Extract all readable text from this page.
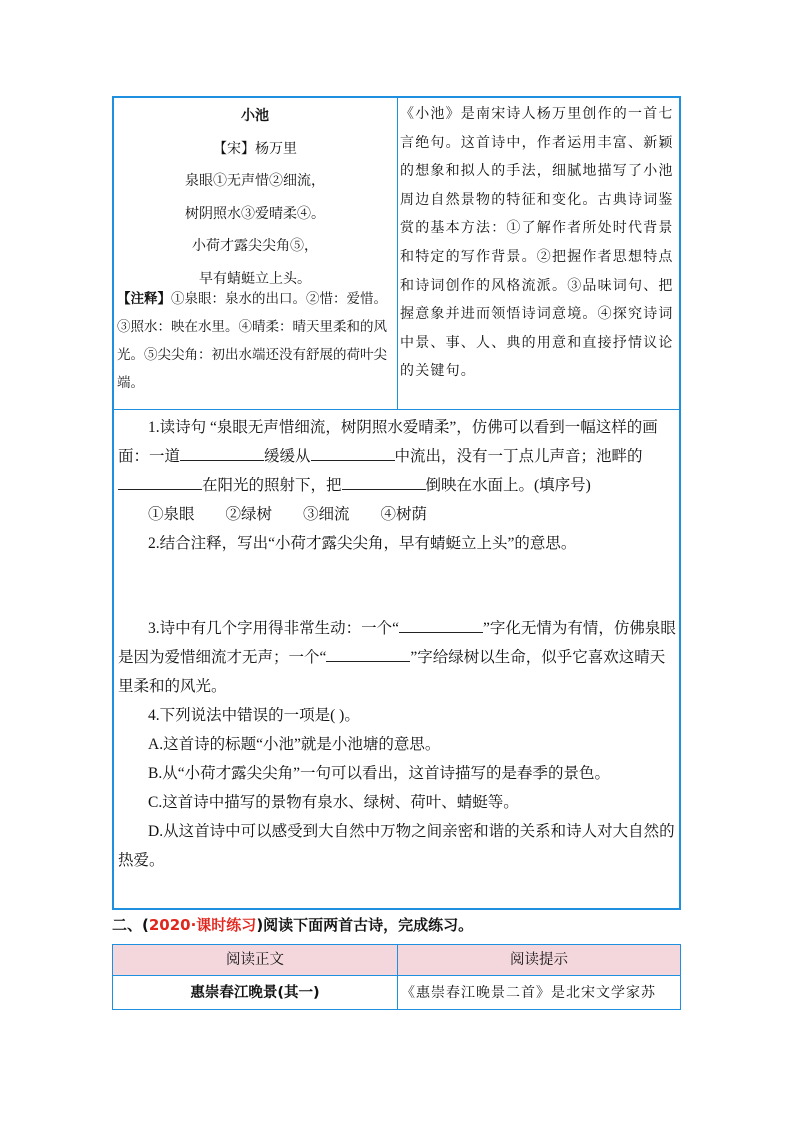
小池
【宋】杨万里
泉眼①无声惜②细流，
树阴照水③爱晴柔④。
小荷才露尖尖角⑤，
早有蜻蜓立上头。
【注释】①泉眼：泉水的出口。②惜：爱惜。③照水：映在水里。④晴柔：晴天里柔和的风光。⑤尖尖角：初出水端还没有舒展的荷叶尖端。
《小池》是南宋诗人杨万里创作的一首七言绝句。这首诗中，作者运用丰富、新颖的想象和拟人的手法，细腻地描写了小池周边自然景物的特征和变化。古典诗词鉴赏的基本方法：①了解作者所处时代背景和特定的写作背景。②把握作者思想特点和诗词创作的风格流派。③品味词句、把握意象并进而领悟诗词意境。④探究诗词中景、事、人、典的用意和直接抒情议论的关键句。

1.读诗句 “泉眼无声惜细流，树阴照水爱晴柔”，仿佛可以看到一幅这样的画面：一道	缓缓从	中流出，没有一丁点儿声音；池畔的在阳光的照射下，把	倒映在水面上。(填序号)

①泉眼        ②绿树        ③细流        ④树荫

2.结合注释，写出“小荷才露尖尖角，早有蜻蜓立上头”的意思。

3.诗中有几个字用得非常生动：一个“	”字化无情为有情，仿佛泉眼是因为爱惜细流才无声；一个“	”字给绿树以生命，似乎它喜欢这晴天里柔和的风光。

4.下列说法中错误的一项是( )。

A.这首诗的标题“小池”就是小池塘的意思。

B.从“小荷才露尖尖角”一句可以看出，这首诗描写的是春季的景色。

C.这首诗中描写的景物有泉水、绿树、荷叶、蜻蜓等。

D.从这首诗中可以感受到大自然中万物之间亲密和谐的关系和诗人对大自然的热爱。

二、(2020·课时练习)阅读下面两首古诗，完成练习。
阅读正文	阅读提示
惠崇春江晚景(其一)	《惠崇春江晚景二首》是北宋文学家苏
